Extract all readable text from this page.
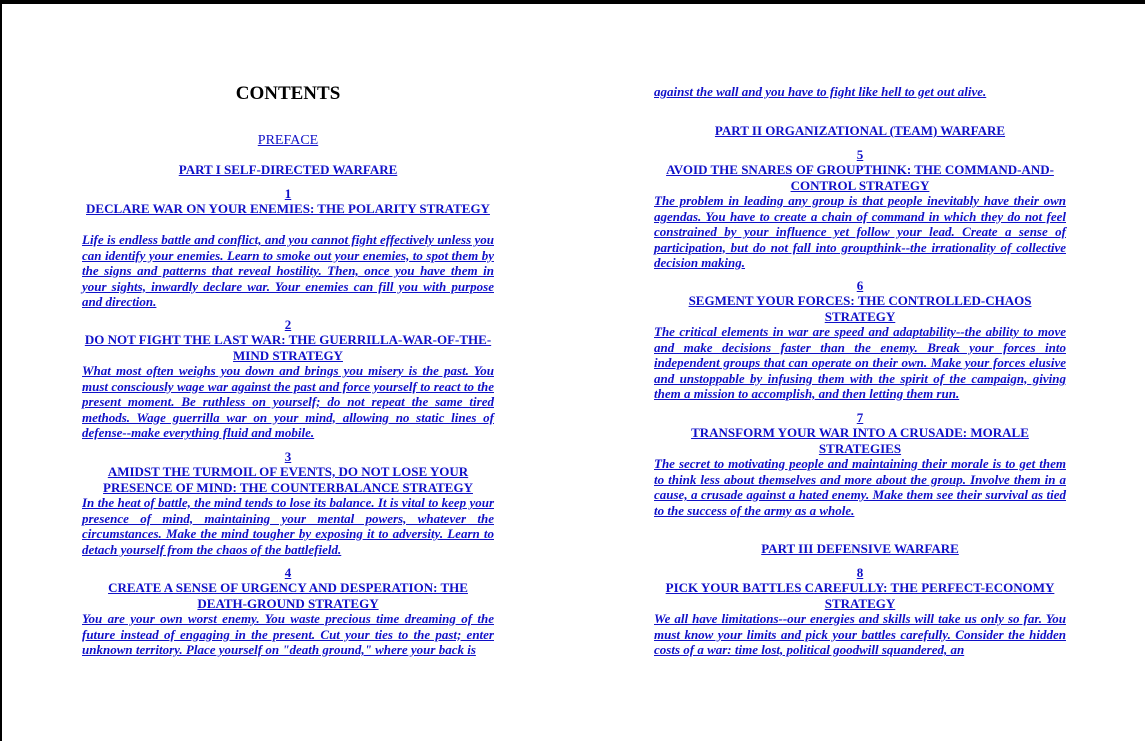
CONTENTS
PREFACE
PART I SELF-DIRECTED WARFARE
1
DECLARE WAR ON YOUR ENEMIES: THE POLARITY STRATEGY
Life is endless battle and conflict, and you cannot fight effectively unless you can identify your enemies. Learn to smoke out your enemies, to spot them by the signs and patterns that reveal hostility. Then, once you have them in your sights, inwardly declare war. Your enemies can fill you with purpose and direction.
2
DO NOT FIGHT THE LAST WAR: THE GUERRILLA-WAR-OF-THE-MIND STRATEGY
What most often weighs you down and brings you misery is the past. You must consciously wage war against the past and force yourself to react to the present moment. Be ruthless on yourself; do not repeat the same tired methods. Wage guerrilla war on your mind, allowing no static lines of defense--make everything fluid and mobile.
3
AMIDST THE TURMOIL OF EVENTS, DO NOT LOSE YOUR PRESENCE OF MIND: THE COUNTERBALANCE STRATEGY
In the heat of battle, the mind tends to lose its balance. It is vital to keep your presence of mind, maintaining your mental powers, whatever the circumstances. Make the mind tougher by exposing it to adversity. Learn to detach yourself from the chaos of the battlefield.
4
CREATE A SENSE OF URGENCY AND DESPERATION: THE DEATH-GROUND STRATEGY
You are your own worst enemy. You waste precious time dreaming of the future instead of engaging in the present. Cut your ties to the past; enter unknown territory. Place yourself on "death ground," where your back is
against the wall and you have to fight like hell to get out alive.
PART II ORGANIZATIONAL (TEAM) WARFARE
5
AVOID THE SNARES OF GROUPTHINK: THE COMMAND-AND-CONTROL STRATEGY
The problem in leading any group is that people inevitably have their own agendas. You have to create a chain of command in which they do not feel constrained by your influence yet follow your lead. Create a sense of participation, but do not fall into groupthink--the irrationality of collective decision making.
6
SEGMENT YOUR FORCES: THE CONTROLLED-CHAOS STRATEGY
The critical elements in war are speed and adaptability--the ability to move and make decisions faster than the enemy. Break your forces into independent groups that can operate on their own. Make your forces elusive and unstoppable by infusing them with the spirit of the campaign, giving them a mission to accomplish, and then letting them run.
7
TRANSFORM YOUR WAR INTO A CRUSADE: MORALE STRATEGIES
The secret to motivating people and maintaining their morale is to get them to think less about themselves and more about the group. Involve them in a cause, a crusade against a hated enemy. Make them see their survival as tied to the success of the army as a whole.
PART III DEFENSIVE WARFARE
8
PICK YOUR BATTLES CAREFULLY: THE PERFECT-ECONOMY STRATEGY
We all have limitations--our energies and skills will take us only so far. You must know your limits and pick your battles carefully. Consider the hidden costs of a war: time lost, political goodwill squandered, an
